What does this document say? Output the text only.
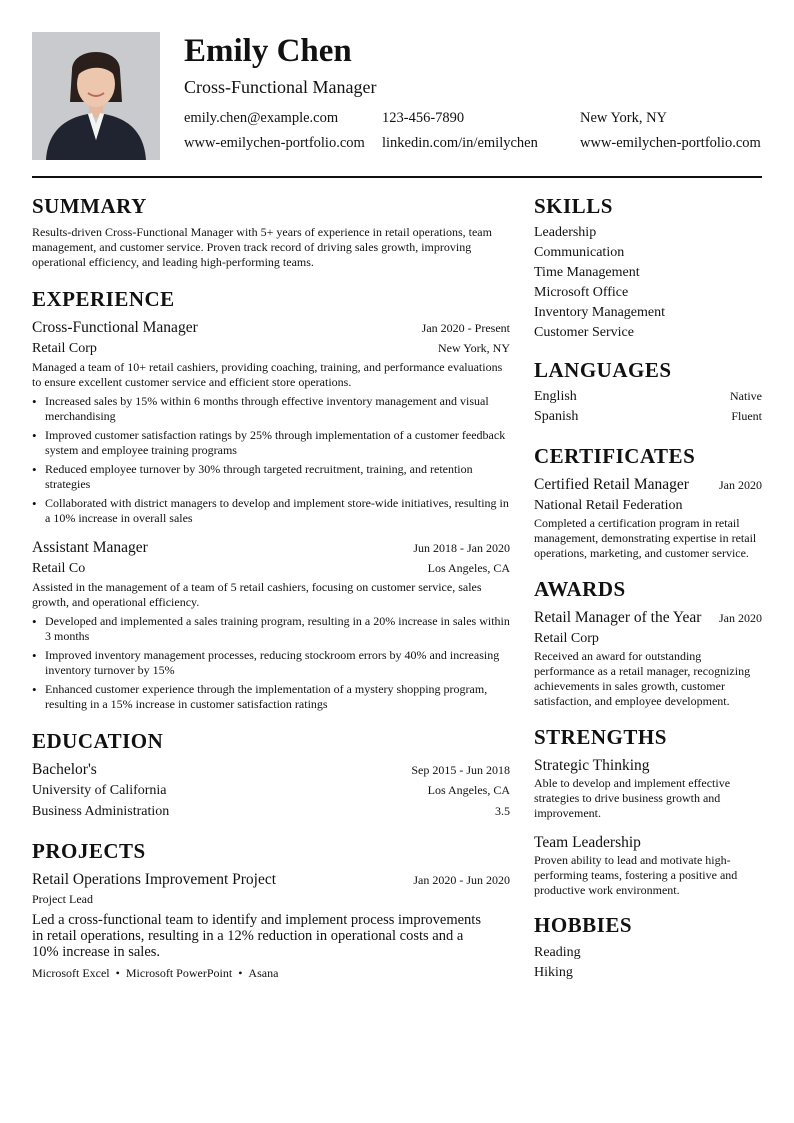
Emily Chen
Cross-Functional Manager
emily.chen@example.com	123-456-7890	New York, NY
www-emilychen-portfolio.com linkedin.com/in/emilychen	www-emilychen-portfolio.com
SUMMARY

Results-driven Cross-Functional Manager with 5+ years of experience in retail operations, team management, and customer service. Proven track record of driving sales growth, improving operational efficiency, and leading high-performing teams.

EXPERIENCE
Cross-Functional Manager	Jan 2020 - Present
Retail Corp	New York, NY

Managed a team of 10+ retail cashiers, providing coaching, training, and performance evaluations to ensure excellent customer service and efficient store operations.

• Increased sales by 15% within 6 months through effective inventory management and visual merchandising
• Improved customer satisfaction ratings by 25% through implementation of a customer feedback system and employee training programs
• Reduced employee turnover by 30% through targeted recruitment, training, and retention strategies
• Collaborated with district managers to develop and implement store-wide initiatives, resulting in a 10% increase in overall sales
Assistant Manager	Jun 2018 - Jan 2020
Retail Co	Los Angeles, CA

Assisted in the management of a team of 5 retail cashiers, focusing on customer service, sales growth, and operational efficiency.

• Developed and implemented a sales training program, resulting in a 20% increase in sales within 3 months
• Improved inventory management processes, reducing stockroom errors by 40% and increasing inventory turnover by 15%
• Enhanced customer experience through the implementation of a mystery shopping program, resulting in a 15% increase in customer satisfaction ratings
EDUCATION
Bachelor's	Sep 2015 - Jun 2018
University of California	Los Angeles, CA
Business Administration	3.5
PROJECTS
Retail Operations Improvement Project	Jan 2020 - Jun 2020
Project Lead

Led a cross-functional team to identify and implement process improvements in retail operations, resulting in a 12% reduction in operational costs and a 10% increase in sales.

Microsoft Excel • Microsoft PowerPoint • Asana
SKILLS
Leadership
Communication
Time Management
Microsoft Office
Inventory Management
Customer Service
LANGUAGES
English	Native
Spanish	Fluent
CERTIFICATES
Certified Retail Manager	Jan 2020
National Retail Federation

Completed a certification program in retail management, demonstrating expertise in retail operations, marketing, and customer service.

AWARDS
Retail Manager of the Year Jan 2020
Retail Corp

Received an award for outstanding performance as a retail manager, recognizing achievements in sales growth, customer satisfaction, and employee development.

STRENGTHS
Strategic Thinking

Able to develop and implement effective strategies to drive business growth and improvement.

Team Leadership

Proven ability to lead and motivate high-performing teams, fostering a positive and productive work environment.

HOBBIES
Reading
Hiking
